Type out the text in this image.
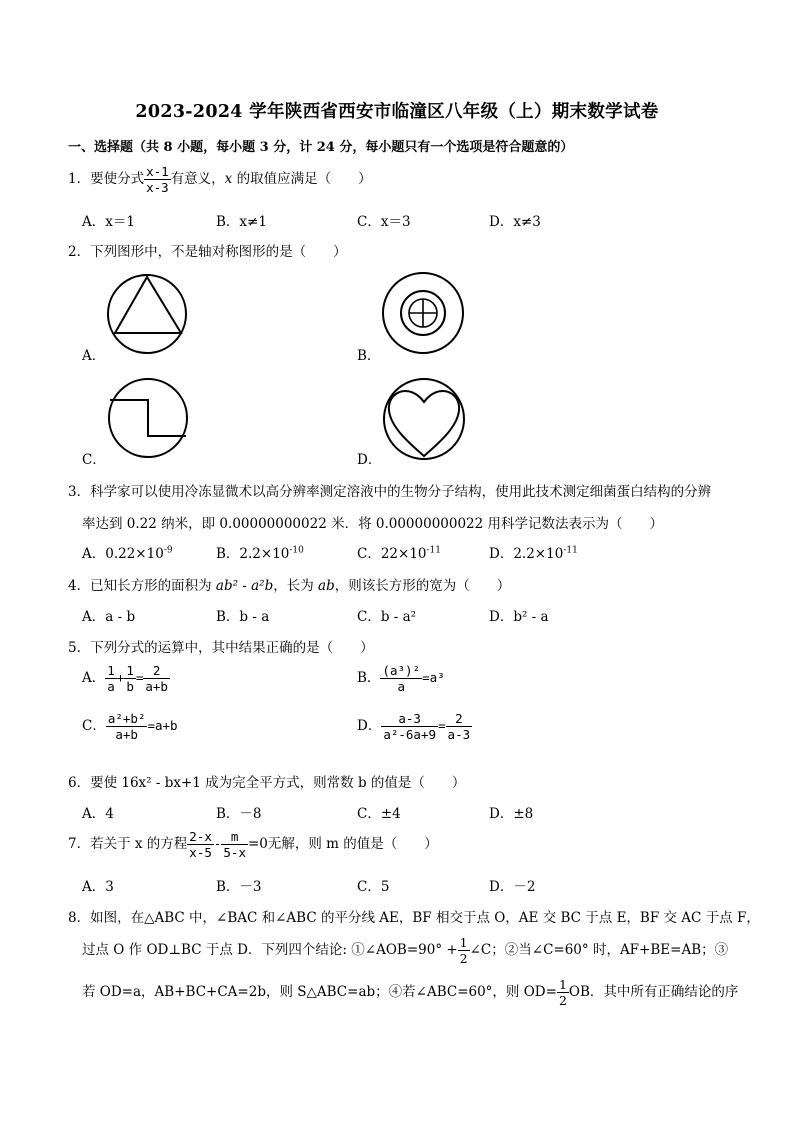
2023-2024 学年陕西省西安市临潼区八年级（上）期末数学试卷
一、选择题（共 8 小题，每小题 3 分，计 24 分，每小题只有一个选项是符合题意的）
1．要使分式 $\frac{x-1}{x-3}$ 有意义，x 的取值应满足（　　）
A．x＝1	B．x≠1	C．x＝3	D．x≠3
2．下列图形中，不是轴对称图形的是（　　）
A．	B．
C．	D．
3．科学家可以使用冷冻显微术以高分辨率测定溶液中的生物分子结构，使用此技术测定细菌蛋白结构的分辨
率达到 0.22 纳米，即 0.00000000022 米．将 0.00000000022 用科学记数法表示为（　　）
A．$0.22\times 10^{-9}$	B．$2.2\times 10^{-10}$	C．$22\times 10^{-11}$	D．$2.2\times 10^{-11}$
4．已知长方形的面积为 ab² - a²b，长为 ab，则该长方形的宽为（　　）
A．a - b	B．b - a	C．b - a²	D．b² - a
5．下列分式的运算中，其中结果正确的是（　　）
A． $\frac{1}{a} + \frac{1}{b} = \frac{2}{a+b}$	B． $\frac{\text{(a³)²}}{a} =a^3$
C． $\frac{\text{a²+b²}}{a+b} =a+b$	D． $\frac{a-3}{\text{a²-6a+9}} = \frac{2}{a-3}$
6．要使 16x² - bx+1 成为完全平方式，则常数 b 的值是（　　）
A．4	B．－8	C．±4	D．±8
7．若关于 x 的方程 $\frac{2-x}{x-5} - \frac{m}{5-x} =0$无解，则 m 的值是（　　）
A．3	B．－3	C．5	D．－2
8．如图，在△ABC 中，∠BAC 和∠ABC 的平分线 AE，BF 相交于点 O，AE 交 BC 于点 E，BF 交 AC 于点 F，
过点 O 作 OD⊥BC 于点 D．下列四个结论: ①∠AOB=90° + $\frac{1}{2}$ ∠C；②当∠C=60° 时，AF+BE=AB；③
若 OD=a，AB+BC+CA=2b，则 S△ABC=ab；④若∠ABC=60°，则 $OD= \frac{1}{2}$ OB．其中所有正确结论的序
